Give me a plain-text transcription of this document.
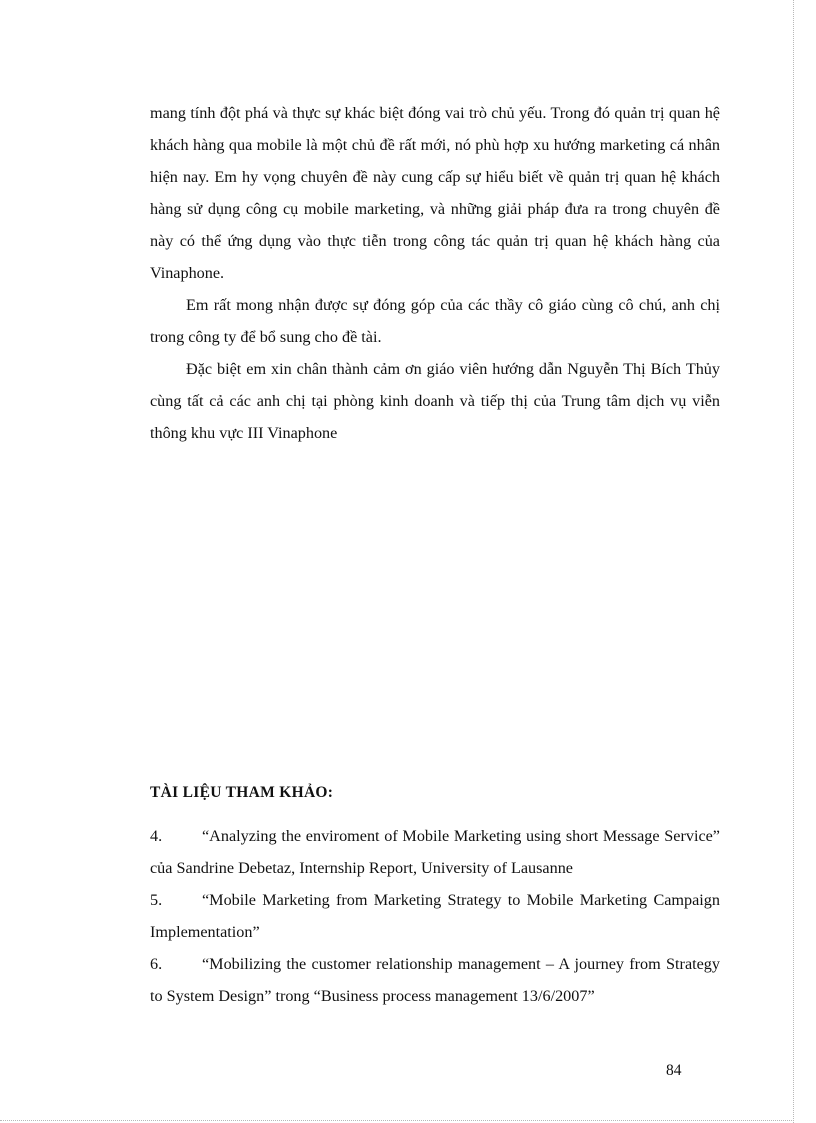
mang tính đột phá và thực sự khác biệt đóng vai trò chủ yếu. Trong đó quản trị quan hệ khách hàng qua mobile là một chủ đề rất mới, nó phù hợp xu hướng marketing cá nhân hiện nay. Em hy vọng chuyên đề này cung cấp sự hiểu biết về quản trị quan hệ khách hàng sử dụng công cụ mobile marketing, và những giải pháp đưa ra trong chuyên đề này có thể ứng dụng vào thực tiễn trong công tác quản trị quan hệ khách hàng của Vinaphone.

Em rất mong nhận được sự đóng góp của các thầy cô giáo cùng cô chú, anh chị trong công ty để bổ sung cho đề tài.

Đặc biệt em xin chân thành cảm ơn giáo viên hướng dẫn Nguyễn Thị Bích Thủy cùng tất cả các anh chị tại phòng kinh doanh và tiếp thị của Trung tâm dịch vụ viễn thông khu vực III Vinaphone

TÀI LIỆU THAM KHẢO:

4. “Analyzing the enviroment of Mobile Marketing using short Message Service” của Sandrine Debetaz, Internship Report, University of Lausanne

5. “Mobile Marketing from Marketing Strategy to Mobile Marketing Campaign Implementation”

6. “Mobilizing the customer relationship management – A journey from Strategy to System Design” trong “Business process management 13/6/2007”

84
